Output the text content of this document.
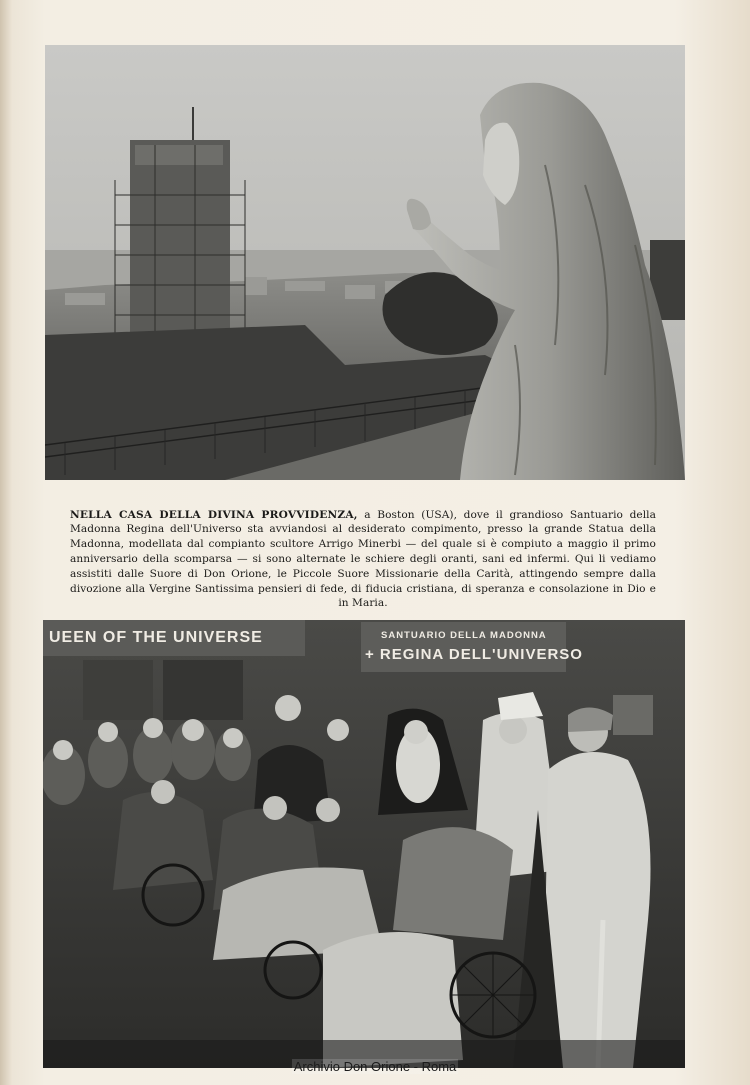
NELLA CASA DELLA DIVINA PROVVIDENZA, a Boston (USA), dove il grandioso Santuario della Madonna Regina dell'Universo sta avviandosi al desiderato compimento, presso la grande Statua della Madonna, modellata dal compianto scultore Arrigo Minerbi — del quale si è compiuto a maggio il primo anniversario della scomparsa — si sono alternate le schiere degli oranti, sani ed infermi. Qui li vediamo assistiti dalle Suore di Don Orione, le Piccole Suore Missionarie della Carità, attingendo sempre dalla divozione alla Vergine Santissima pensieri di fede, di fiducia cristiana, di speranza e consolazione in Dio e in Maria.

UEEN OF THE UNIVERSE	SANTUARIO DELLA MADONNA
+ REGINA DELL'UNIVERSO
Archivio Don Orione - Roma
